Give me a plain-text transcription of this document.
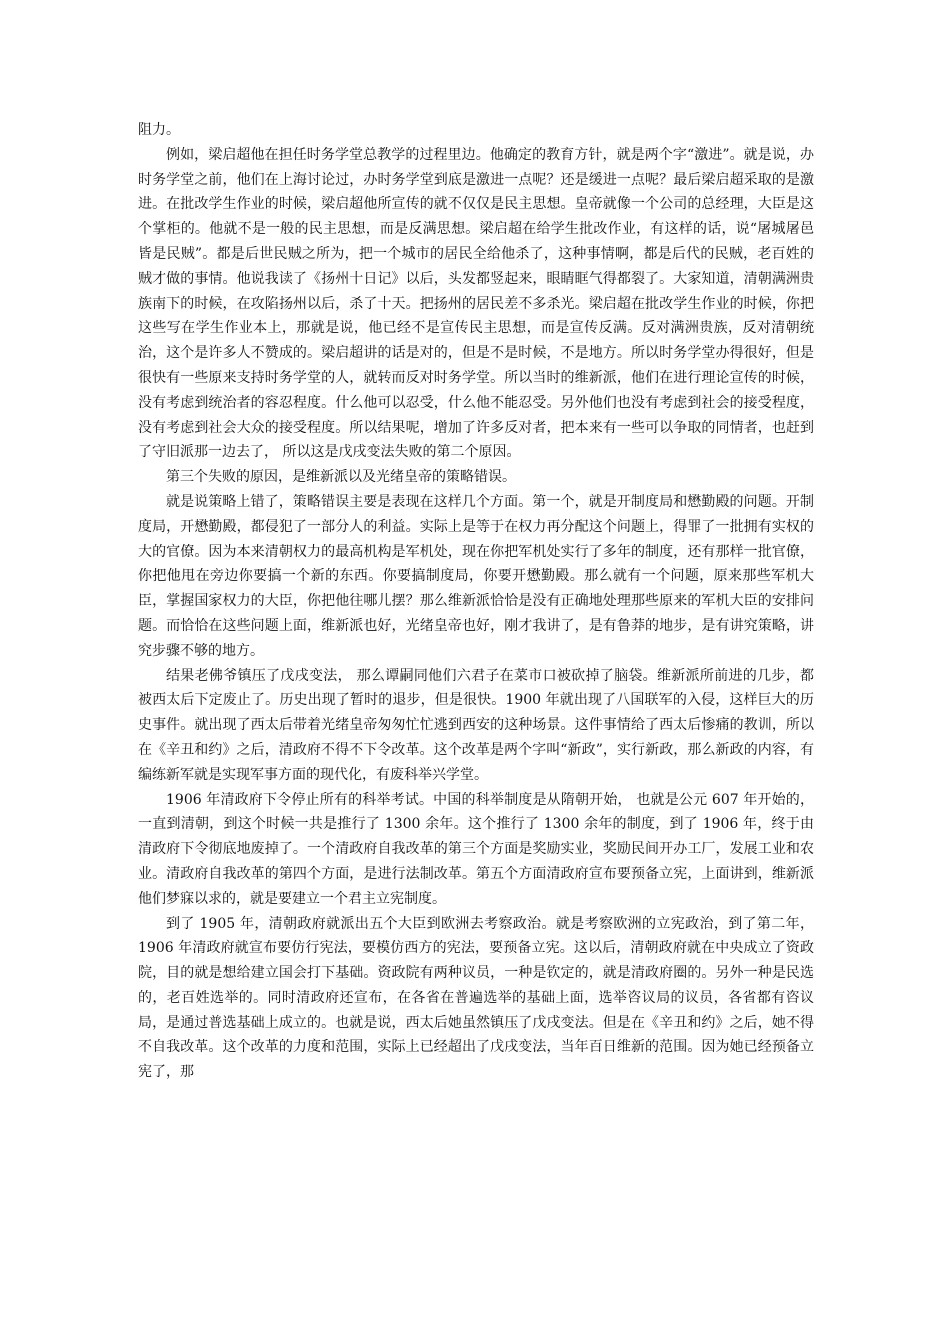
阻力。

例如，梁启超他在担任时务学堂总教学的过程里边。他确定的教育方针，就是两个字“激进”。就是说，办时务学堂之前，他们在上海讨论过，办时务学堂到底是激进一点呢？还是缓进一点呢？最后梁启超采取的是激进。在批改学生作业的时候，梁启超他所宣传的就不仅仅是民主思想。皇帝就像一个公司的总经理，大臣是这个掌柜的。他就不是一般的民主思想，而是反满思想。梁启超在给学生批改作业，有这样的话，说“屠城屠邑皆是民贼”。都是后世民贼之所为，把一个城市的居民全给他杀了，这种事情啊，都是后代的民贼，老百姓的贼才做的事情。他说我读了《扬州十日记》以后，头发都竖起来，眼睛眶气得都裂了。大家知道，清朝满洲贵族南下的时候，在攻陷扬州以后，杀了十天。把扬州的居民差不多杀光。梁启超在批改学生作业的时候，你把这些写在学生作业本上，那就是说，他已经不是宣传民主思想，而是宣传反满。反对满洲贵族，反对清朝统治，这个是许多人不赞成的。梁启超讲的话是对的，但是不是时候，不是地方。所以时务学堂办得很好，但是很快有一些原来支持时务学堂的人，就转而反对时务学堂。所以当时的维新派，他们在进行理论宣传的时候，没有考虑到统治者的容忍程度。什么他可以忍受，什么他不能忍受。另外他们也没有考虑到社会的接受程度，没有考虑到社会大众的接受程度。所以结果呢，增加了许多反对者，把本来有一些可以争取的同情者，也赶到了守旧派那一边去了， 所以这是戊戌变法失败的第二个原因。

第三个失败的原因，是维新派以及光绪皇帝的策略错误。

就是说策略上错了，策略错误主要是表现在这样几个方面。第一个，就是开制度局和懋勤殿的问题。开制度局，开懋勤殿，都侵犯了一部分人的利益。实际上是等于在权力再分配这个问题上，得罪了一批拥有实权的大的官僚。因为本来清朝权力的最高机构是军机处，现在你把军机处实行了多年的制度，还有那样一批官僚，你把他甩在旁边你要搞一个新的东西。你要搞制度局，你要开懋勤殿。那么就有一个问题，原来那些军机大臣，掌握国家权力的大臣，你把他往哪儿摆？那么维新派恰恰是没有正确地处理那些原来的军机大臣的安排问题。而恰恰在这些问题上面，维新派也好，光绪皇帝也好，刚才我讲了，是有鲁莽的地步，是有讲究策略，讲究步骤不够的地方。

结果老佛爷镇压了戊戌变法， 那么谭嗣同他们六君子在菜市口被砍掉了脑袋。维新派所前进的几步，都被西太后下定废止了。历史出现了暂时的退步，但是很快。1900 年就出现了八国联军的入侵，这样巨大的历史事件。就出现了西太后带着光绪皇帝匆匆忙忙逃到西安的这种场景。这件事情给了西太后惨痛的教训，所以在《辛丑和约》之后，清政府不得不下令改革。这个改革是两个字叫“新政”，实行新政，那么新政的内容，有编练新军就是实现军事方面的现代化，有废科举兴学堂。

1906 年清政府下令停止所有的科举考试。中国的科举制度是从隋朝开始， 也就是公元 607 年开始的，一直到清朝，到这个时候一共是推行了 1300 余年。这个推行了 1300 余年的制度，到了 1906 年，终于由清政府下令彻底地废掉了。一个清政府自我改革的第三个方面是奖励实业，奖励民间开办工厂，发展工业和农业。清政府自我改革的第四个方面，是进行法制改革。第五个方面清政府宣布要预备立宪，上面讲到，维新派他们梦寐以求的，就是要建立一个君主立宪制度。

到了 1905 年，清朝政府就派出五个大臣到欧洲去考察政治。就是考察欧洲的立宪政治，到了第二年，1906 年清政府就宣布要仿行宪法，要模仿西方的宪法，要预备立宪。这以后，清朝政府就在中央成立了资政院，目的就是想给建立国会打下基础。资政院有两种议员，一种是钦定的，就是清政府圈的。另外一种是民选的，老百姓选举的。同时清政府还宣布，在各省在普遍选举的基础上面，选举咨议局的议员，各省都有咨议局，是通过普选基础上成立的。也就是说，西太后她虽然镇压了戊戌变法。但是在《辛丑和约》之后，她不得不自我改革。这个改革的力度和范围，实际上已经超出了戊戌变法，当年百日维新的范围。因为她已经预备立宪了，那
